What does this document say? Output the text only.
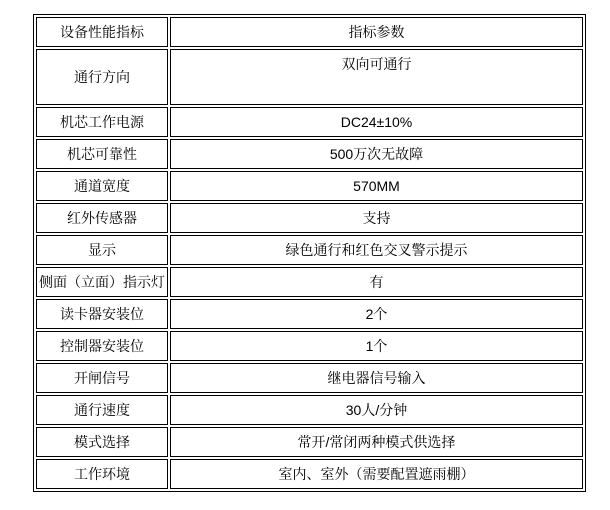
设备性能指标	指标参数
通行方向	双向可通行
机芯工作电源	DC24±10%
机芯可靠性	500万次无故障
通道宽度	570MM
红外传感器	支持
显示	绿色通行和红色交叉警示提示
侧面（立面）指示灯	有
读卡器安装位	2个
控制器安装位	1个
开闸信号	继电器信号输入
通行速度	30人/分钟
模式选择	常开/常闭两种模式供选择
工作环境	室内、室外（需要配置遮雨棚）
